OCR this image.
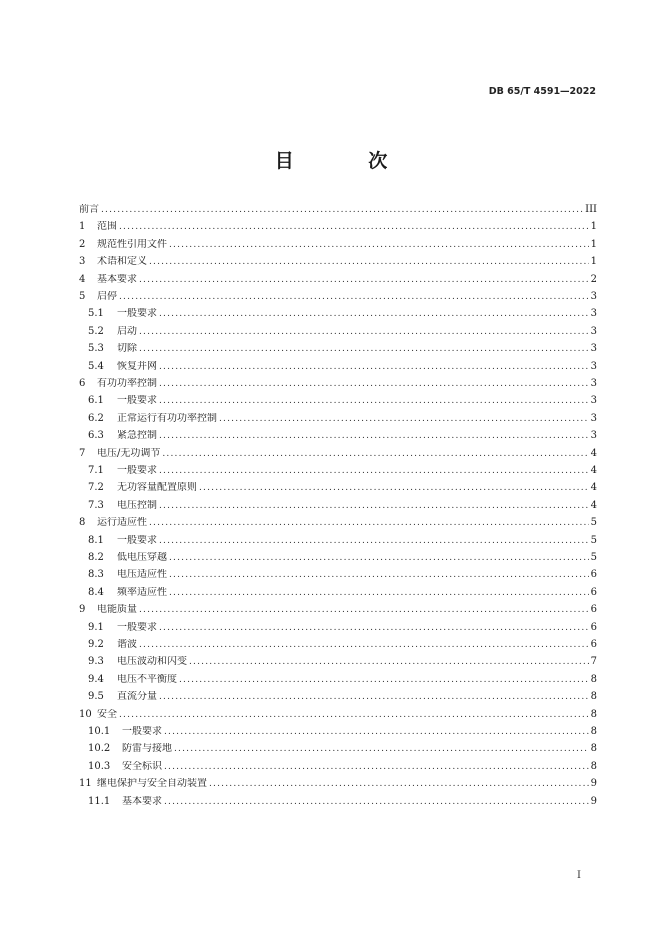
DB 65/T 4591—2022
目 次
前言 .....	III
1	范围 .....	1
2	规范性引用文件 .....	1
3	术语和定义 .....	1
4	基本要求 .....	2
5	启停 .....	3
5.1	一般要求 .....	3
5.2	启动 .....	3
5.3	切除 .....	3
5.4	恢复并网 .....	3
6	有功功率控制 .....	3
6.1	一般要求 .....	3
6.2	正常运行有功功率控制 .....	3
6.3	紧急控制 .....	3
7	电压/无功调节 .....	4
7.1	一般要求 .....	4
7.2	无功容量配置原则 .....	4
7.3	电压控制 .....	4
8	运行适应性 .....	5
8.1	一般要求 .....	5
8.2	低电压穿越 .....	5
8.3	电压适应性 .....	6
8.4	频率适应性 .....	6
9	电能质量 .....	6
9.1	一般要求 .....	6
9.2	谐波 .....	6
9.3	电压波动和闪变 .....	7
9.4	电压不平衡度 .....	8
9.5	直流分量 .....	8
10 安全 .....	8
10.1	一般要求 .....	8
10.2	防雷与接地 .....	8
10.3	安全标识 .....	8
11 继电保护与安全自动装置 .....	9
11.1	基本要求 .....	9
I
